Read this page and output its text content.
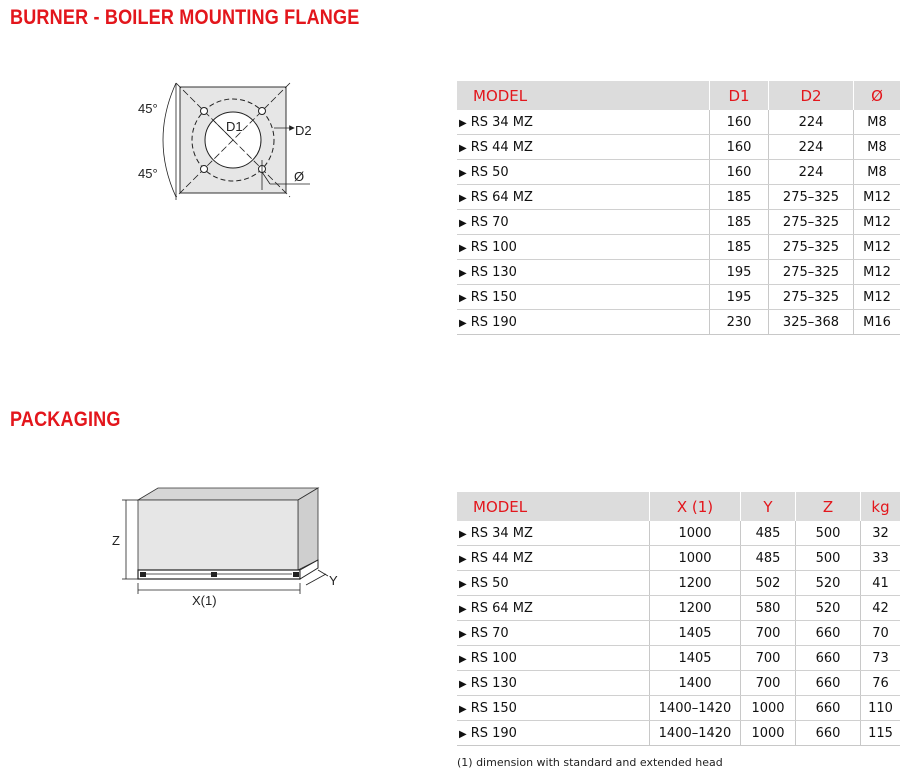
BURNER - BOILER MOUNTING FLANGE
45°
45°
D1	D2
Ø
MODEL	D1	D2	Ø
▶ RS 34 MZ	160	224	M8
▶ RS 44 MZ	160	224	M8
▶ RS 50	160	224	M8
▶ RS 64 MZ	185	275–325	M12
▶ RS 70	185	275–325	M12
▶ RS 100	185	275–325	M12
▶ RS 130	195	275–325	M12
▶ RS 150	195	275–325	M12
▶ RS 190	230	325–368	M16
PACKAGING
Z
Y
X(1)
MODEL	X (1)	Y	Z	kg
▶ RS 34 MZ	1000	485	500	32
▶ RS 44 MZ	1000	485	500	33
▶ RS 50	1200	502	520	41
▶ RS 64 MZ	1200	580	520	42
▶ RS 70	1405	700	660	70
▶ RS 100	1405	700	660	73
▶ RS 130	1400	700	660	76
▶ RS 150	1400–1420	1000	660	110
▶ RS 190	1400–1420	1000	660	115
(1) dimension with standard and extended head
